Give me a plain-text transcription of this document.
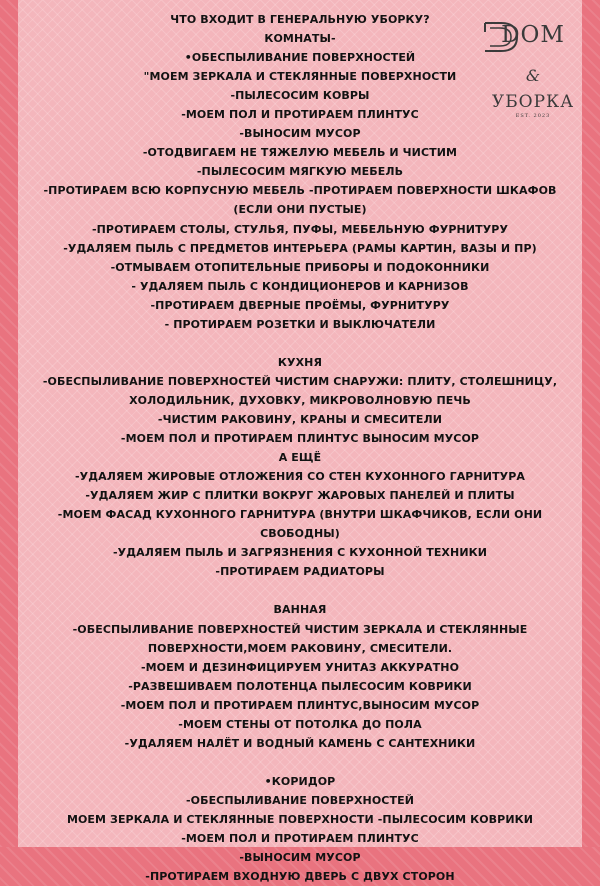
DОМ
&
УБОРКА
EST. 2023
ЧТО ВХОДИТ В ГЕНЕРАЛЬНУЮ УБОРКУ?
КОМНАТЫ-
•ОБЕСПЫЛИВАНИЕ ПОВЕРХНОСТЕЙ
"МОЕМ ЗЕРКАЛА И СТЕКЛЯННЫЕ ПОВЕРХНОСТИ
-ПЫЛЕСОСИМ КОВРЫ
-МОЕМ ПОЛ И ПРОТИРАЕМ ПЛИНТУС
-ВЫНОСИМ МУСОР
-ОТОДВИГАЕМ НЕ ТЯЖЕЛУЮ МЕБЕЛЬ И ЧИСТИМ
-ПЫЛЕСОСИМ МЯГКУЮ МЕБЕЛЬ
-ПРОТИРАЕМ ВСЮ КОРПУСНУЮ МЕБЕЛЬ -ПРОТИРАЕМ ПОВЕРХНОСТИ ШКАФОВ
(ЕСЛИ ОНИ ПУСТЫЕ)
-ПРОТИРАЕМ СТОЛЫ, СТУЛЬЯ, ПУФЫ, МЕБЕЛЬНУЮ ФУРНИТУРУ
-УДАЛЯЕМ ПЫЛЬ С ПРЕДМЕТОВ ИНТЕРЬЕРА (РАМЫ КАРТИН, ВАЗЫ И ПР)
-ОТМЫВАЕМ ОТОПИТЕЛЬНЫЕ ПРИБОРЫ И ПОДОКОННИКИ
- УДАЛЯЕМ ПЫЛЬ С КОНДИЦИОНЕРОВ И КАРНИЗОВ
-ПРОТИРАЕМ ДВЕРНЫЕ ПРОЁМЫ, ФУРНИТУРУ
- ПРОТИРАЕМ РОЗЕТКИ И ВЫКЛЮЧАТЕЛИ
КУХНЯ
-ОБЕСПЫЛИВАНИЕ ПОВЕРХНОСТЕЙ ЧИСТИМ СНАРУЖИ: ПЛИТУ, СТОЛЕШНИЦУ,
ХОЛОДИЛЬНИК, ДУХОВКУ, МИКРОВОЛНОВУЮ ПЕЧЬ
-ЧИСТИМ РАКОВИНУ, КРАНЫ И СМЕСИТЕЛИ
-МОЕМ ПОЛ И ПРОТИРАЕМ ПЛИНТУС ВЫНОСИМ МУСОР
А ЕЩЁ
-УДАЛЯЕМ ЖИРОВЫЕ ОТЛОЖЕНИЯ СО СТЕН КУХОННОГО ГАРНИТУРА
-УДАЛЯЕМ ЖИР С ПЛИТКИ ВОКРУГ ЖАРОВЫХ ПАНЕЛЕЙ И ПЛИТЫ
-МОЕМ ФАСАД КУХОННОГО ГАРНИТУРА (ВНУТРИ ШКАФЧИКОВ, ЕСЛИ ОНИ
СВОБОДНЫ)
-УДАЛЯЕМ ПЫЛЬ И ЗАГРЯЗНЕНИЯ С КУХОННОЙ ТЕХНИКИ
-ПРОТИРАЕМ РАДИАТОРЫ
ВАННАЯ
-ОБЕСПЫЛИВАНИЕ ПОВЕРХНОСТЕЙ ЧИСТИМ ЗЕРКАЛА И СТЕКЛЯННЫЕ
ПОВЕРХНОСТИ,МОЕМ РАКОВИНУ, СМЕСИТЕЛИ.
-МОЕМ И ДЕЗИНФИЦИРУЕМ УНИТАЗ АККУРАТНО
-РАЗВЕШИВАЕМ ПОЛОТЕНЦА ПЫЛЕСОСИМ КОВРИКИ
-МОЕМ ПОЛ И ПРОТИРАЕМ ПЛИНТУС,ВЫНОСИМ МУСОР
-МОЕМ СТЕНЫ ОТ ПОТОЛКА ДО ПОЛА
-УДАЛЯЕМ НАЛЁТ И ВОДНЫЙ КАМЕНЬ С САНТЕХНИКИ
•КОРИДОР
-ОБЕСПЫЛИВАНИЕ ПОВЕРХНОСТЕЙ
МОЕМ ЗЕРКАЛА И СТЕКЛЯННЫЕ ПОВЕРХНОСТИ -ПЫЛЕСОСИМ КОВРИКИ
-МОЕМ ПОЛ И ПРОТИРАЕМ ПЛИНТУС
-ВЫНОСИМ МУСОР
-ПРОТИРАЕМ ВХОДНУЮ ДВЕРЬ С ДВУХ СТОРОН
